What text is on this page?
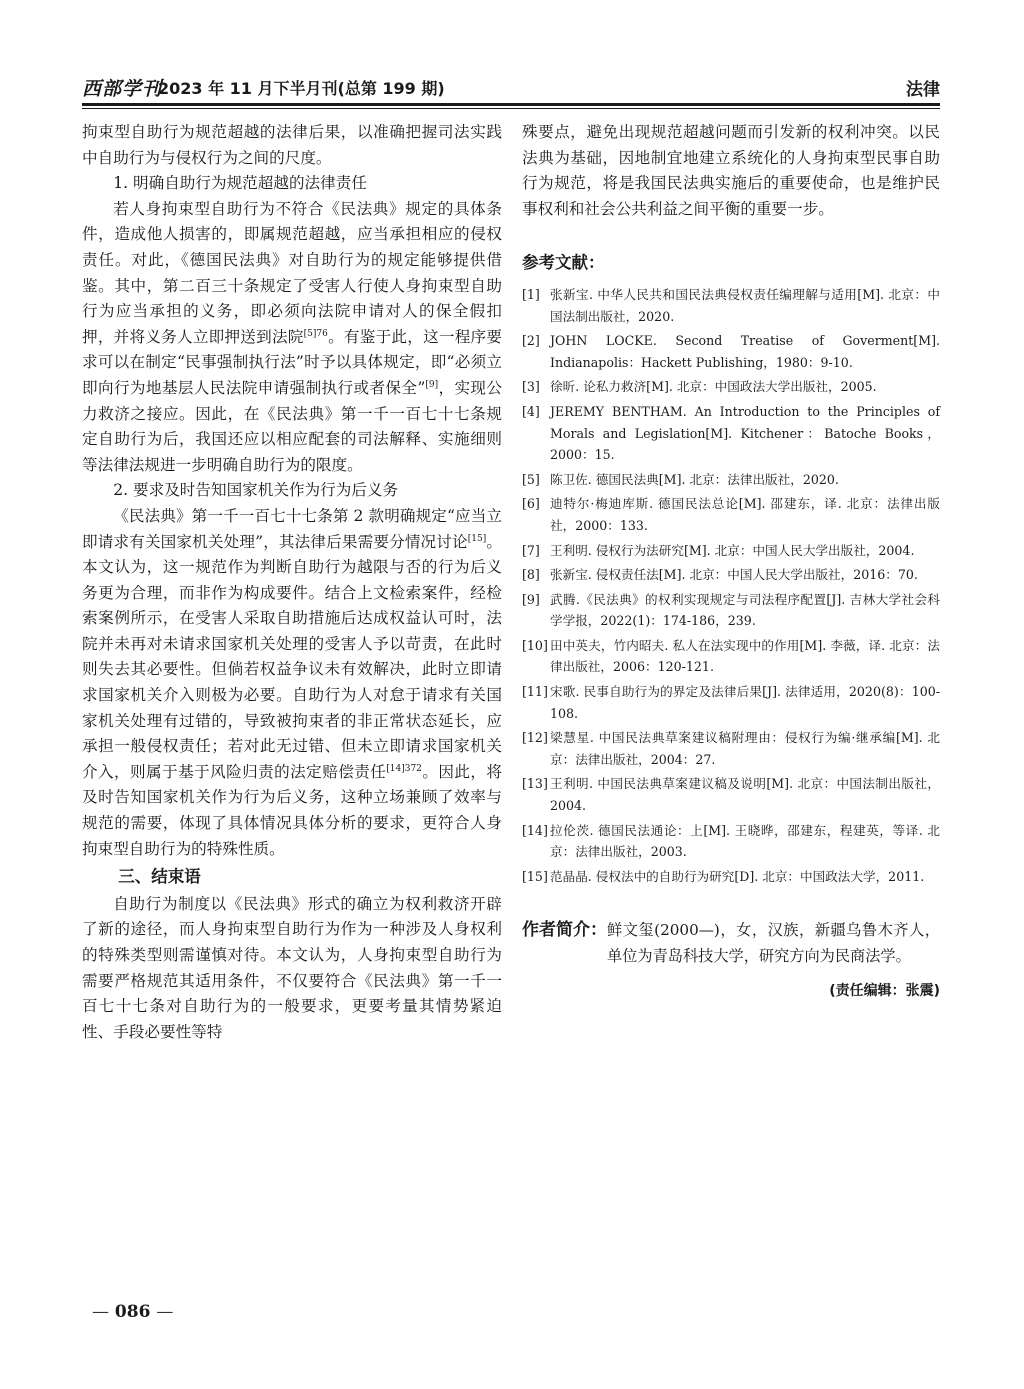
西部学刊
2023 年 11 月下半月刊(总第 199 期)	法律

拘束型自助行为规范超越的法律后果，以准确把握司法实践中自助行为与侵权行为之间的尺度。

1. 明确自助行为规范超越的法律责任

若人身拘束型自助行为不符合《民法典》规定的具体条件，造成他人损害的，即属规范超越，应当承担相应的侵权责任。对此，《德国民法典》对自助行为的规定能够提供借鉴。其中，第二百三十条规定了受害人行使人身拘束型自助行为应当承担的义务，即必须向法院申请对人的保全假扣押，并将义务人立即押送到法院$^{[5]76}$。有鉴于此，这一程序要求可以在制定“民事强制执行法”时予以具体规定，即“必须立即向行为地基层人民法院申请强制执行或者保全”[9]，实现公力救济之接应。因此，在《民法典》第一千一百七十七条规定自助行为后，我国还应以相应配套的司法解释、实施细则等法律法规进一步明确自助行为的限度。

2. 要求及时告知国家机关作为行为后义务

《民法典》第一千一百七十七条第 2 款明确规定“应当立即请求有关国家机关处理”，其法律后果需要分情况讨论[15]。本文认为，这一规范作为判断自助行为越限与否的行为后义务更为合理，而非作为构成要件。结合上文检索案件，经检索案例所示，在受害人采取自助措施后达成权益认可时，法院并未再对未请求国家机关处理的受害人予以苛责，在此时则失去其必要性。但倘若权益争议未有效解决，此时立即请求国家机关介入则极为必要。自助行为人对怠于请求有关国家机关处理有过错的，导致被拘束者的非正常状态延长，应承担一般侵权责任；若对此无过错、但未立即请求国家机关介入，则属于基于风险归责的法定赔偿责任$^{[14]372}$。因此，将及时告知国家机关作为行为后义务，这种立场兼顾了效率与规范的需要，体现了具体情况具体分析的要求，更符合人身拘束型自助行为的特殊性质。

三、结束语

自助行为制度以《民法典》形式的确立为权利救济开辟了新的途径，而人身拘束型自助行为作为一种涉及人身权利的特殊类型则需谨慎对待。本文认为，人身拘束型自助行为需要严格规范其适用条件，不仅要符合《民法典》第一千一百七十七条对自助行为的一般要求，更要考量其情势紧迫性、手段必要性等特

殊要点，避免出现规范超越问题而引发新的权利冲突。以民法典为基础，因地制宜地建立系统化的人身拘束型民事自助行为规范，将是我国民法典实施后的重要使命，也是维护民事权利和社会公共利益之间平衡的重要一步。

参考文献：
[1] 张新宝. 中华人民共和国民法典侵权责任编理解与适用[M]. 北京：中国法制出版社，2020.
[2] JOHN LOCKE. Second Treatise of Goverment[M]. Indianapolis：Hackett Publishing，1980：9-10.
[3] 徐昕. 论私力救济[M]. 北京：中国政法大学出版社，2005.
[4] JEREMY BENTHAM. An Introduction to the Principles of Morals and Legislation[M]. Kitchener：Batoche Books，2000：15.
[5] 陈卫佐. 德国民法典[M]. 北京：法律出版社，2020.
[6] 迪特尔·梅迪库斯. 德国民法总论[M]. 邵建东，译. 北京：法律出版社，2000：133.
[7] 王利明. 侵权行为法研究[M]. 北京：中国人民大学出版社，2004.
[8] 张新宝. 侵权责任法[M]. 北京：中国人民大学出版社，2016：70.
[9] 武腾.《民法典》的权利实现规定与司法程序配置[J]. 吉林大学社会科学学报，2022(1)：174-186，239.
[10] 田中英夫，竹内昭夫. 私人在法实现中的作用[M]. 李薇，译. 北京：法律出版社，2006：120-121.
[11] 宋歌. 民事自助行为的界定及法律后果[J]. 法律适用，2020(8)：100-108.
[12] 梁慧星. 中国民法典草案建议稿附理由：侵权行为编·继承编[M]. 北京：法律出版社，2004：27.
[13] 王利明. 中国民法典草案建议稿及说明[M]. 北京：中国法制出版社，2004.
[14] 拉伦茨. 德国民法通论：上[M]. 王晓晔，邵建东，程建英，等译. 北京：法律出版社，2003.
[15] 范晶晶. 侵权法中的自助行为研究[D]. 北京：中国政法大学，2011.
作者简介： 鲜文玺(2000—)，女，汉族，新疆乌鲁木齐人，单位为青岛科技大学，研究方向为民商法学。
(责任编辑：张震)
— 086 —
